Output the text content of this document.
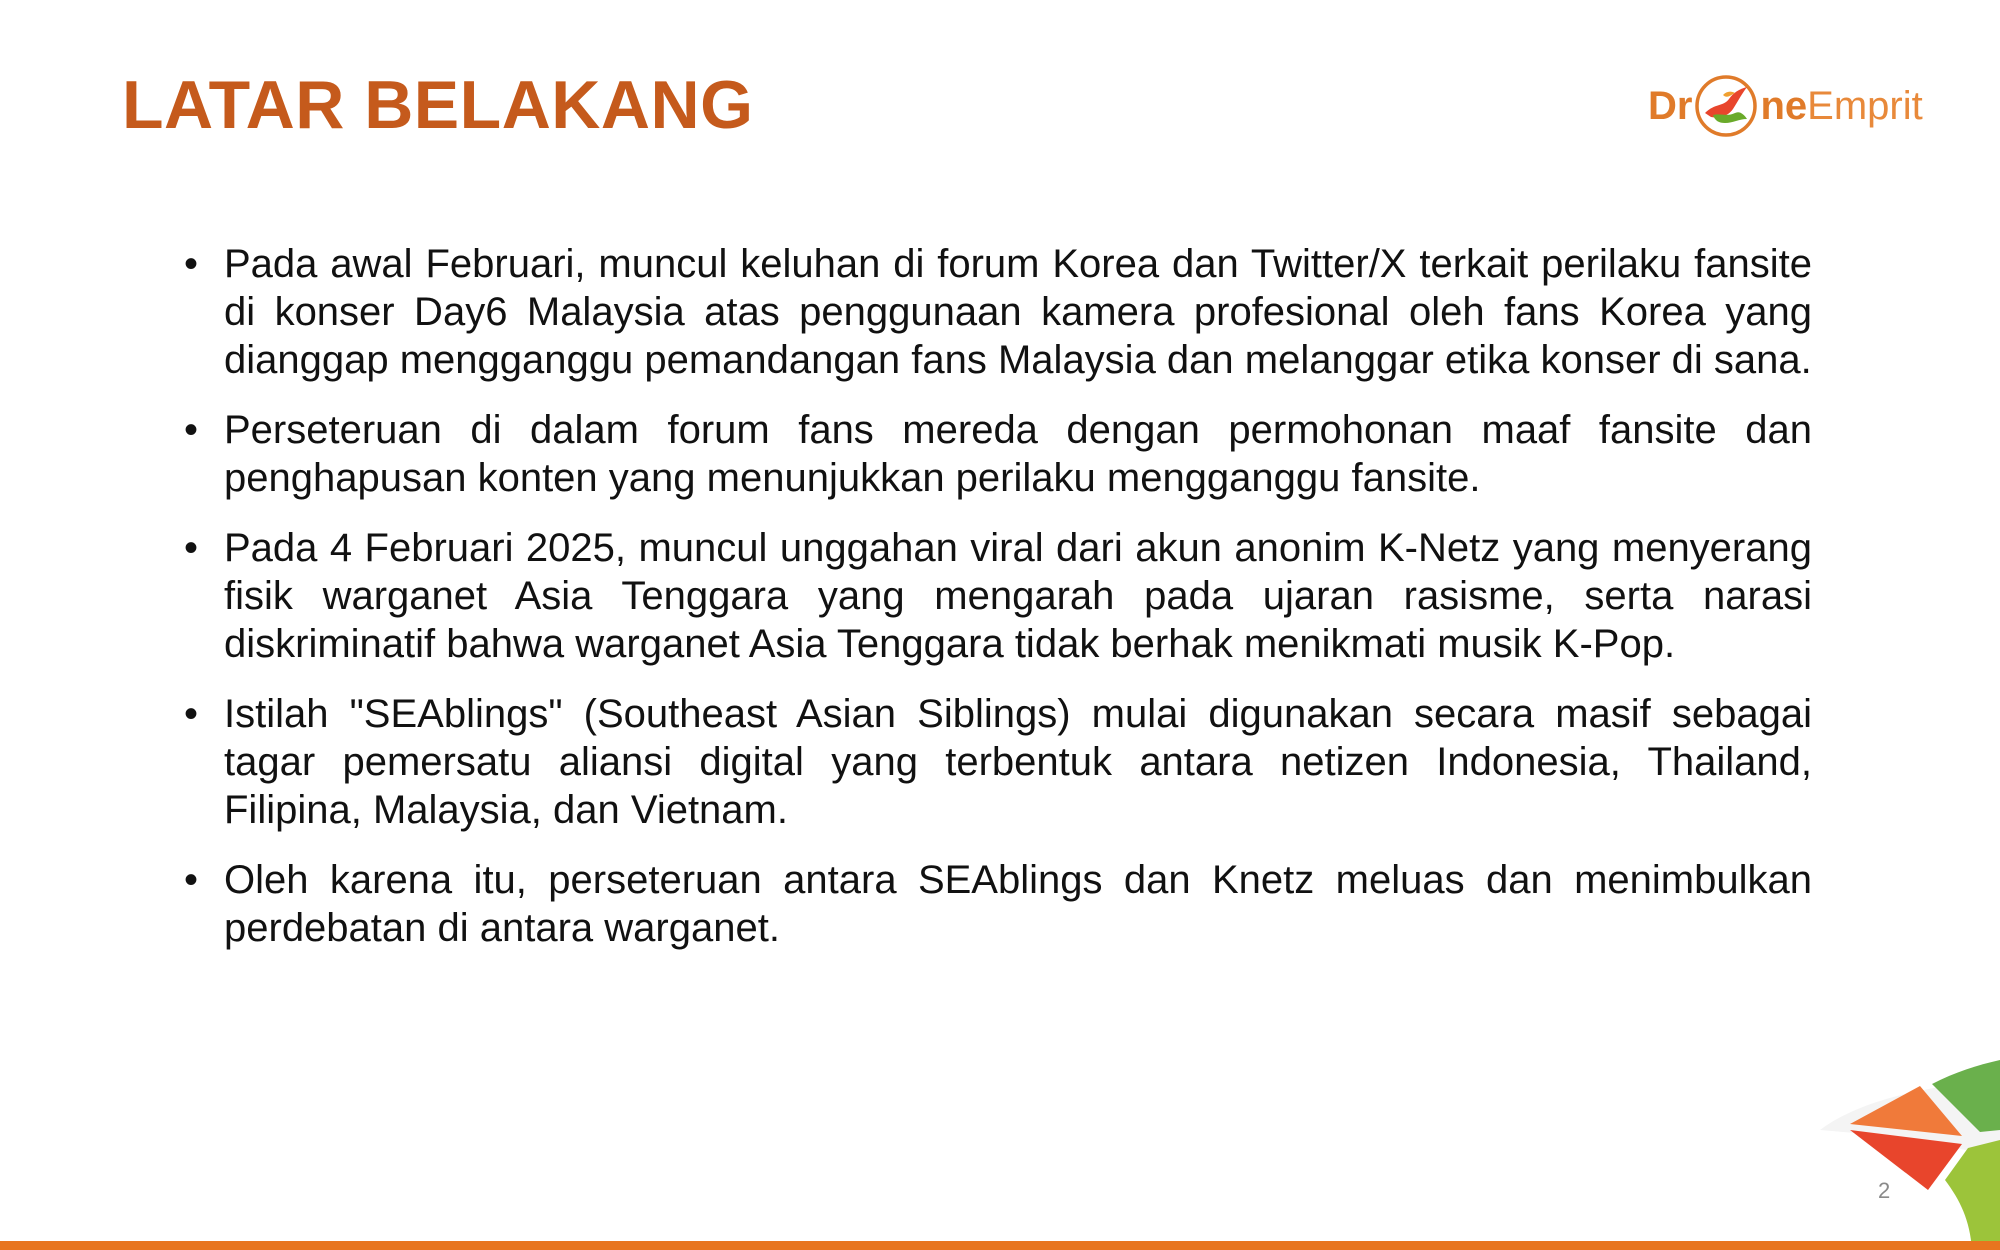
LATAR BELAKANG	Dr ne Emprit
• Pada awal Februari, muncul keluhan di forum Korea dan Twitter/X terkait perilaku fansite di konser Day6 Malaysia atas penggunaan kamera profesional oleh fans Korea yang dianggap mengganggu pemandangan fans Malaysia dan melanggar etika konser di sana.
• Perseteruan di dalam forum fans mereda dengan permohonan maaf fansite dan penghapusan konten yang menunjukkan perilaku mengganggu fansite.
• Pada 4 Februari 2025, muncul unggahan viral dari akun anonim K-Netz yang menyerang fisik warganet Asia Tenggara yang mengarah pada ujaran rasisme, serta narasi diskriminatif bahwa warganet Asia Tenggara tidak berhak menikmati musik K-Pop.
• Istilah "SEAblings" (Southeast Asian Siblings) mulai digunakan secara masif sebagai tagar pemersatu aliansi digital yang terbentuk antara netizen Indonesia, Thailand, Filipina, Malaysia, dan Vietnam.
• Oleh karena itu, perseteruan antara SEAblings dan Knetz meluas dan menimbulkan perdebatan di antara warganet.
2
